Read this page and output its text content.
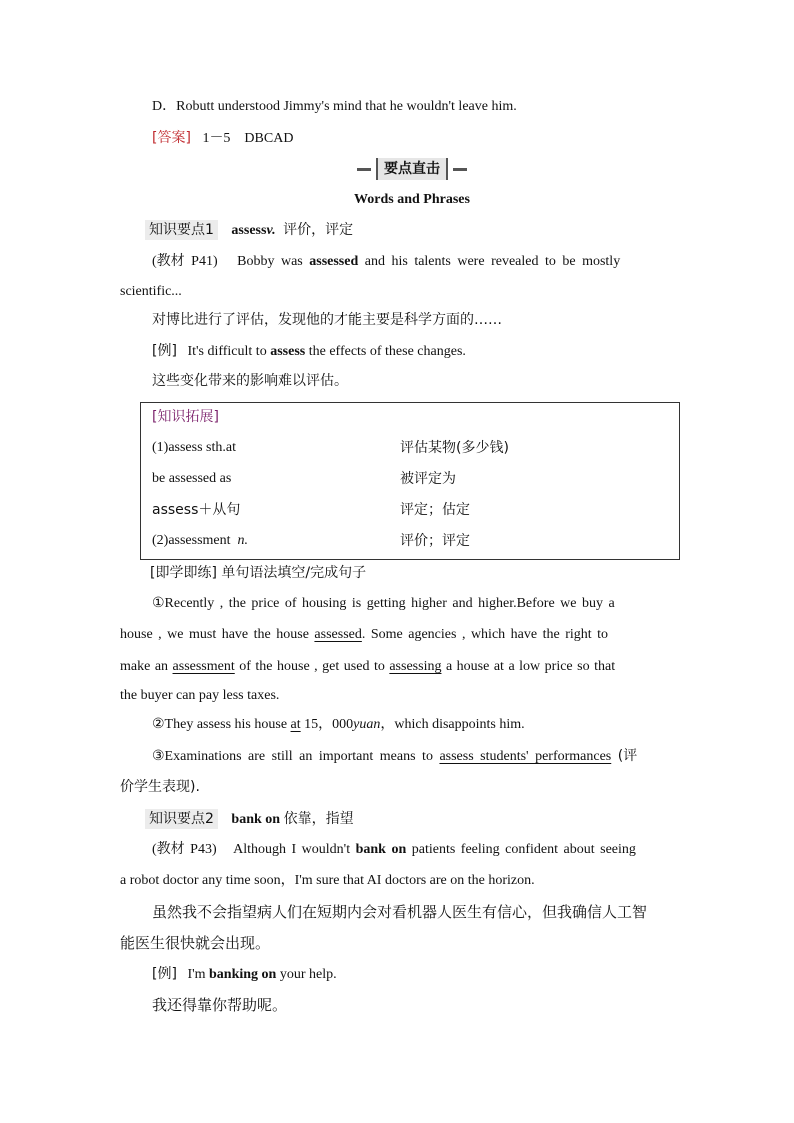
D．Robutt understood Jimmy's mind that he wouldn't leave him.
[答案] 1－5　DBCAD
要点直击
Words and Phrases
知识要点1 assessv. 评价，评定
(教材 P41) Bobby was assessed and his talents were revealed to be mostly
scientific...
对博比进行了评估，发现他的才能主要是科学方面的……
[例] It's difficult to assess the effects of these changes.
这些变化带来的影响难以评估。
[知识拓展]
(1)assess sth.at	评估某物(多少钱)
be assessed as	被评定为
assess＋从句	评定；估定
(2)assessment n.	评价；评定
[即学即练] 单句语法填空/完成句子
①Recently , the price of housing is getting higher and higher.Before we buy a
house , we must have the house assessed. Some agencies , which have the right to
make an assessment of the house , get used to assessing a house at a low price so that
the buyer can pay less taxes.
②They assess his house at 15，000yuan，which disappoints him.
③Examinations are still an important means to assess students' performances (评
价学生表现).
知识要点2 bank on 依靠，指望
(教材 P43) Although I wouldn't bank on patients feeling confident about seeing
a robot doctor any time soon，I'm sure that AI doctors are on the horizon.
虽然我不会指望病人们在短期内会对看机器人医生有信心，但我确信人工智
能医生很快就会出现。
[例] I'm banking on your help.
我还得靠你帮助呢。
